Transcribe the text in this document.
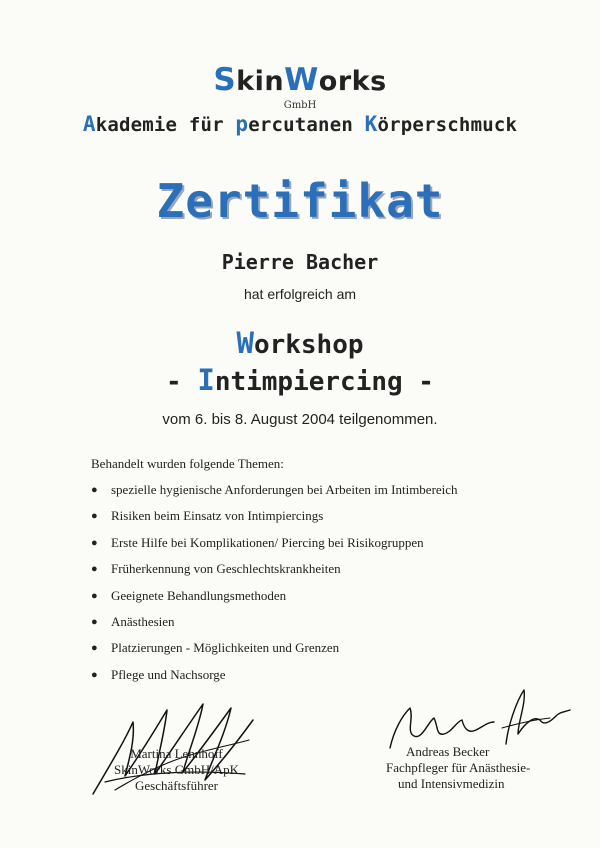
SkinWorks
GmbH
Akademie für percutanen Körperschmuck
Zertifikat
Pierre Bacher
hat erfolgreich am
Workshop
- Intimpiercing -
vom 6. bis 8. August 2004 teilgenommen.
Behandelt wurden folgende Themen:
●	spezielle hygienische Anforderungen bei Arbeiten im Intimbereich
●	Risiken beim Einsatz von Intimpiercings
●	Erste Hilfe bei Komplikationen/ Piercing bei Risikogruppen
●	Früherkennung von Geschlechtskrankheiten
●	Geeignete Behandlungsmethoden
●	Anästhesien
●	Platzierungen - Möglichkeiten und Grenzen
●	Pflege und Nachsorge
Martina Lehnhoff
SkinWorks GmbH/ApK
Geschäftsführer
Andreas Becker
Fachpfleger für Anästhesie-
und Intensivmedizin
